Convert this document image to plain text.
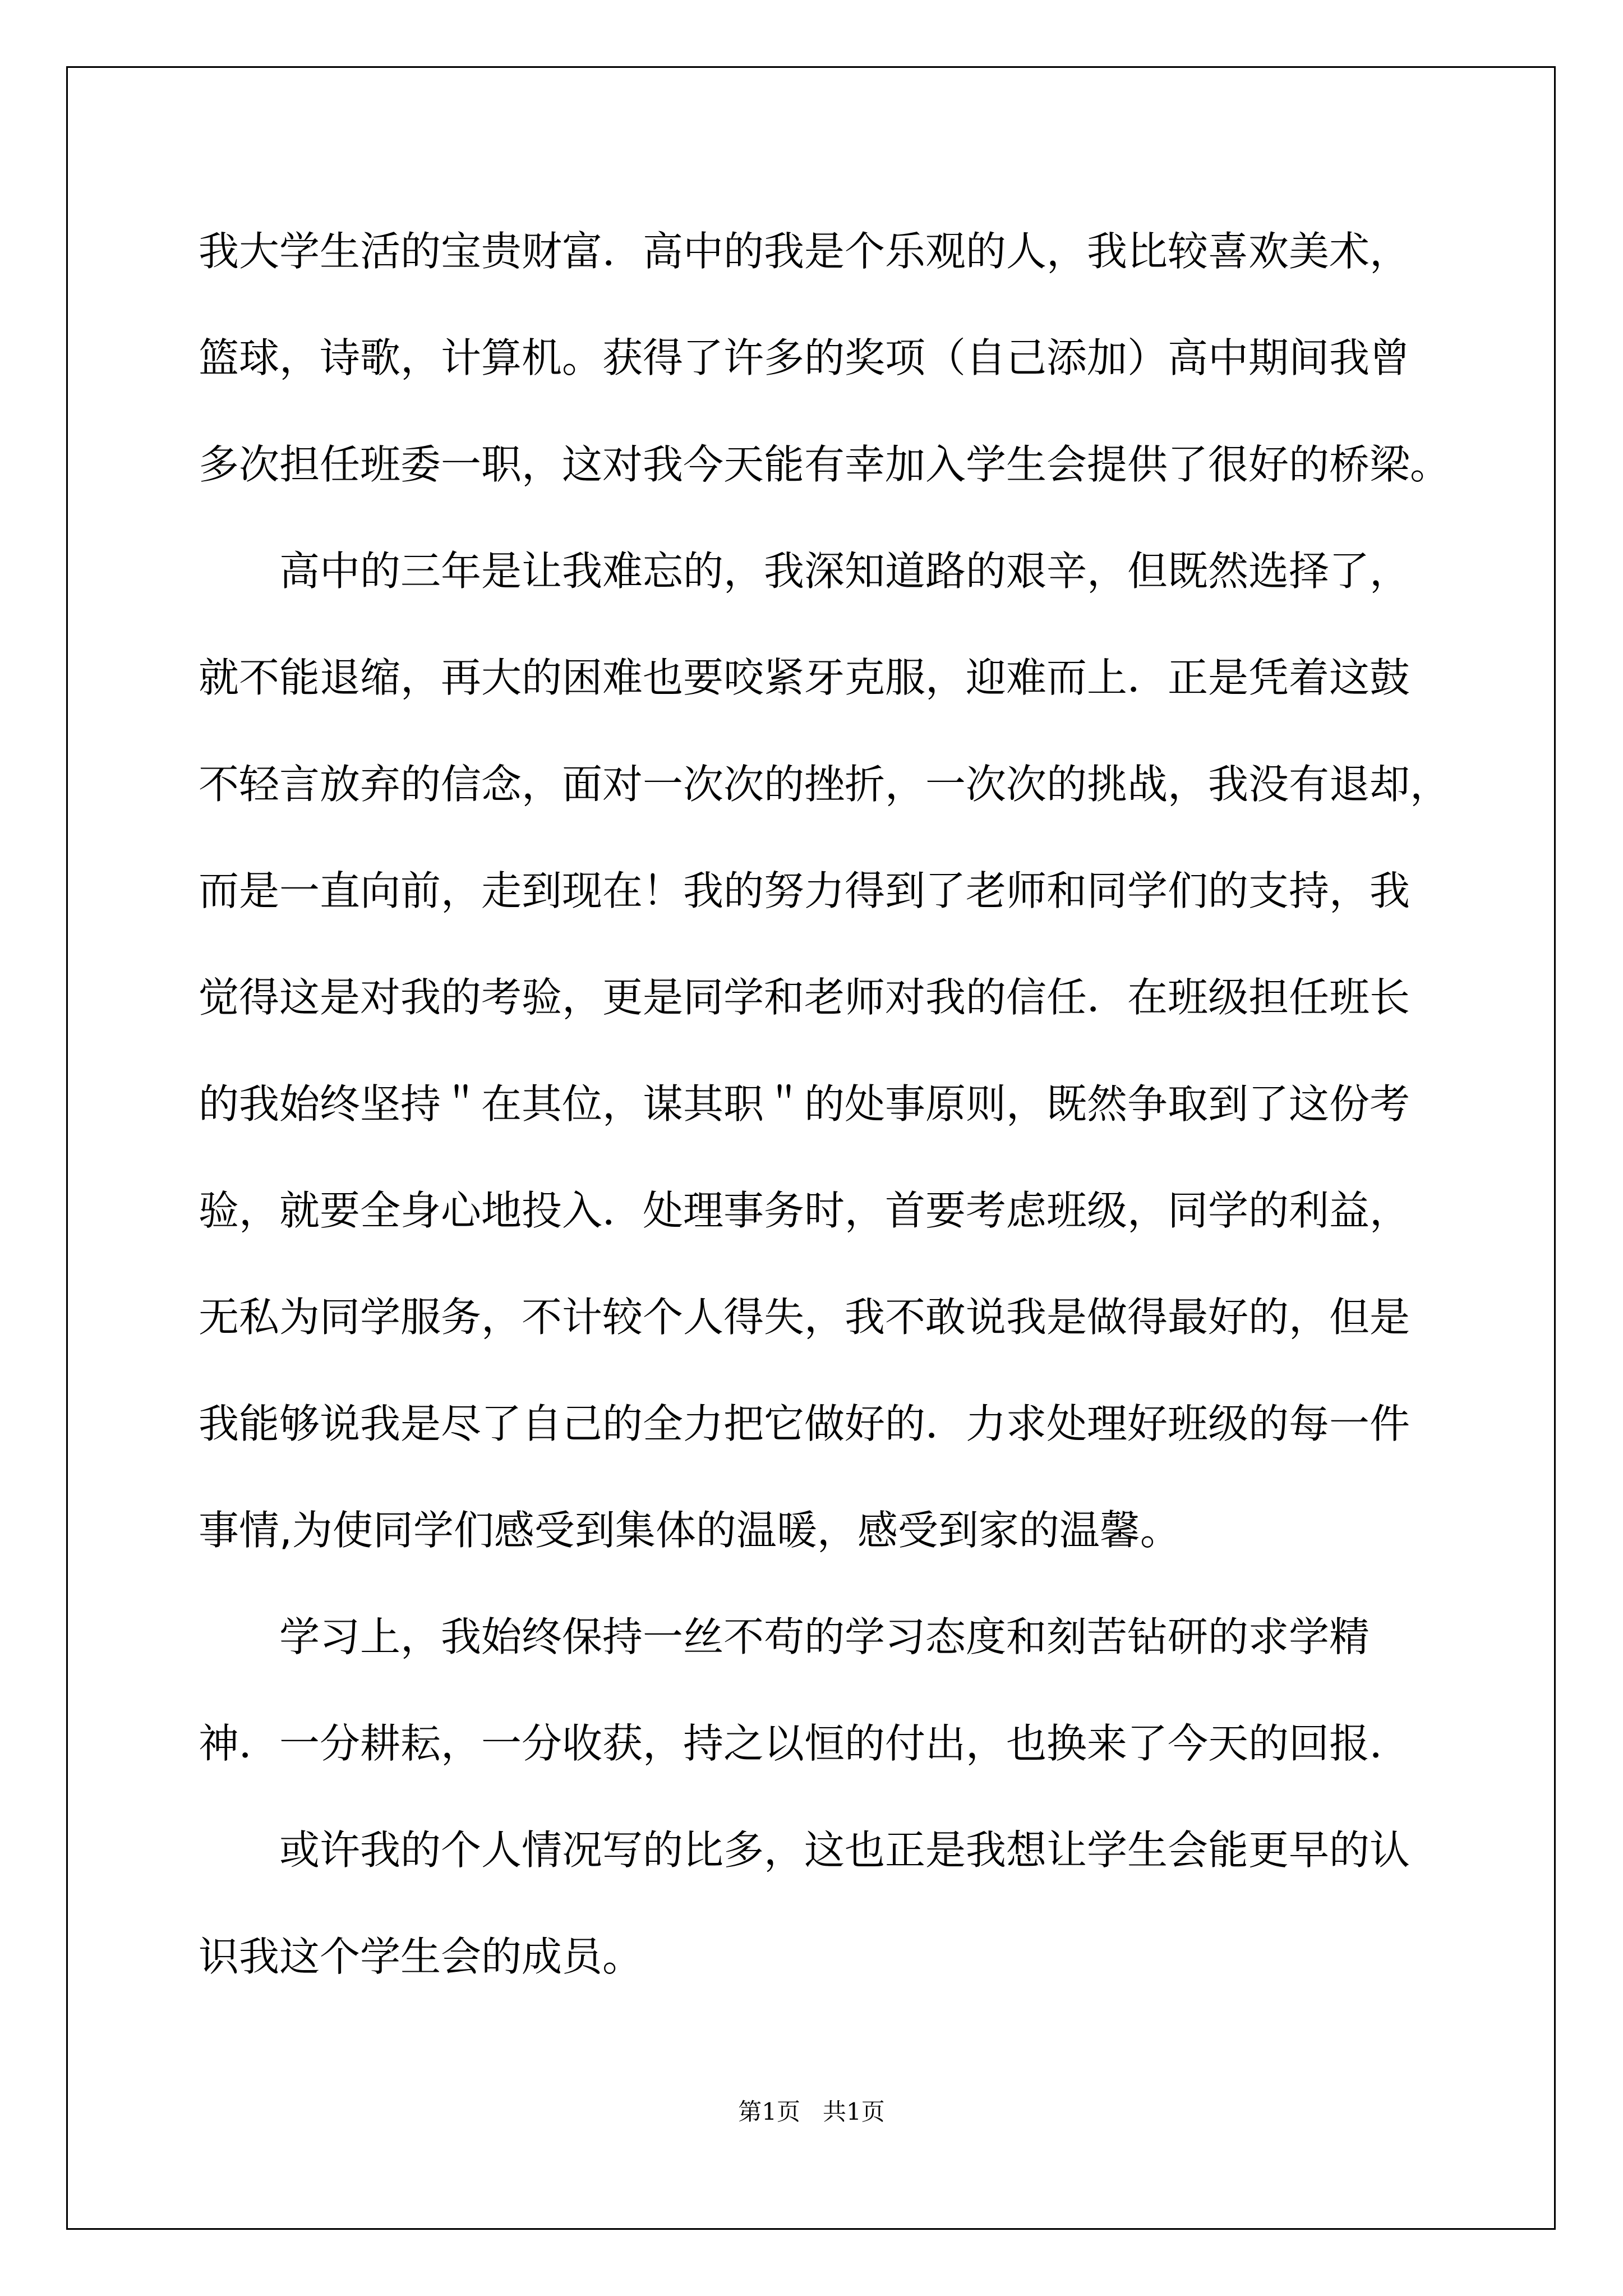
我大学生活的宝贵财富．高中的我是个乐观的人，我比较喜欢美术，
篮球，诗歌，计算机。获得了许多的奖项（自己添加）高中期间我曾
多次担任班委一职，这对我今天能有幸加入学生会提供了很好的桥梁。
　　高中的三年是让我难忘的，我深知道路的艰辛，但既然选择了，
就不能退缩，再大的困难也要咬紧牙克服，迎难而上．正是凭着这鼓
不轻言放弃的信念，面对一次次的挫折，一次次的挑战，我没有退却，
而是一直向前，走到现在！我的努力得到了老师和同学们的支持，我
觉得这是对我的考验，更是同学和老师对我的信任．在班级担任班长
的我始终坚持＂在其位，谋其职＂的处事原则，既然争取到了这份考
验，就要全身心地投入．处理事务时，首要考虑班级，同学的利益，
无私为同学服务，不计较个人得失，我不敢说我是做得最好的，但是
我能够说我是尽了自己的全力把它做好的．力求处理好班级的每一件
事情,为使同学们感受到集体的温暖，感受到家的温馨。
　　学习上，我始终保持一丝不苟的学习态度和刻苦钻研的求学精
神．一分耕耘，一分收获，持之以恒的付出，也换来了今天的回报．
　　或许我的个人情况写的比多，这也正是我想让学生会能更早的认
识我这个学生会的成员。
第1页 共1页
